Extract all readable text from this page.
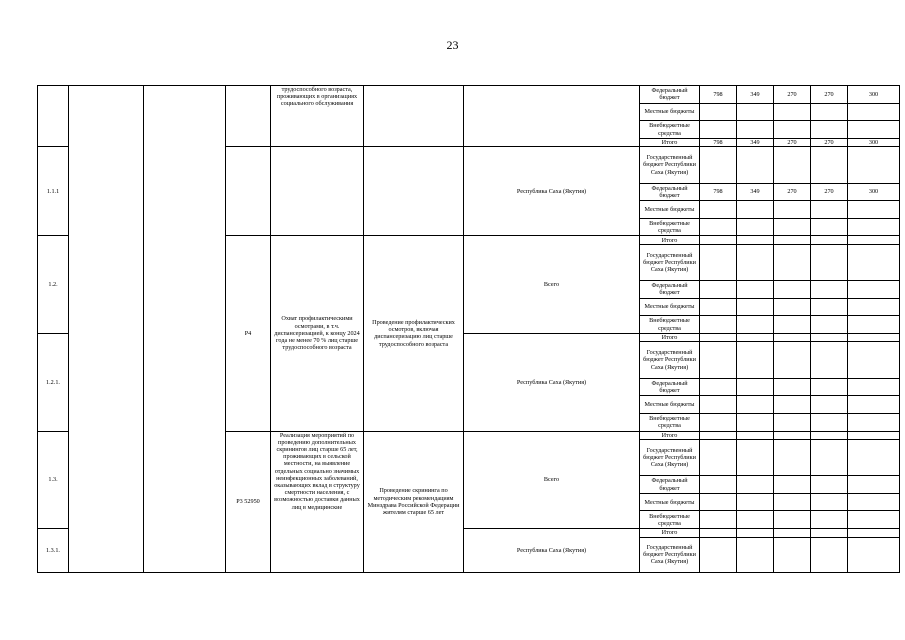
23
				трудоспособного возраста, проживающих в организациях социального обслуживания			Федеральный бюджет	798	349	270	270	300
							Местные бюджеты					
							Внебюджетные средства					
							Итого	798	349	270	270	300
1.1.1						Республика Саха (Якутия)	Государственный бюджет Республики Саха (Якутия)					
							Федеральный бюджет	798	349	270	270	300
							Местные бюджеты					
							Внебюджетные средства					
1.2.			P4	Охват профилактическими осмотрами, в т.ч. диспансеризацией, к концу 2024 года не менее 70 % лиц старше трудоспособного возраста	Проведение профилактических осмотров, включая диспансеризацию лиц старше трудоспособного возраста	Всего	Итого					
							Государственный бюджет Республики Саха (Якутия)					
							Федеральный бюджет					
							Местные бюджеты					
							Внебюджетные средства					
1.2.1.						Республика Саха (Якутия)	Итого					
							Государственный бюджет Республики Саха (Якутия)					
							Федеральный бюджет					
							Местные бюджеты					
							Внебюджетные средства					
1.3.			P3 52950	Реализация мероприятий по проведению дополнительных скринингов лиц старше 65 лет, проживающих в сельской местности, на выявление отдельных социально значимых неинфекционных заболеваний, оказывающих вклад в структуру смертности населения, с возможностью доставки данных лиц в медицинские	Проведение скрининга по методическим рекомендациям Минздрава Российской Федерации жителям старше 65 лет	Всего	Итого					
							Государственный бюджет Республики Саха (Якутия)					
							Федеральный бюджет					
							Местные бюджеты					
							Внебюджетные средства					
1.3.1.						Республика Саха (Якутия)	Итого					
							Государственный бюджет Республики Саха (Якутия)					
